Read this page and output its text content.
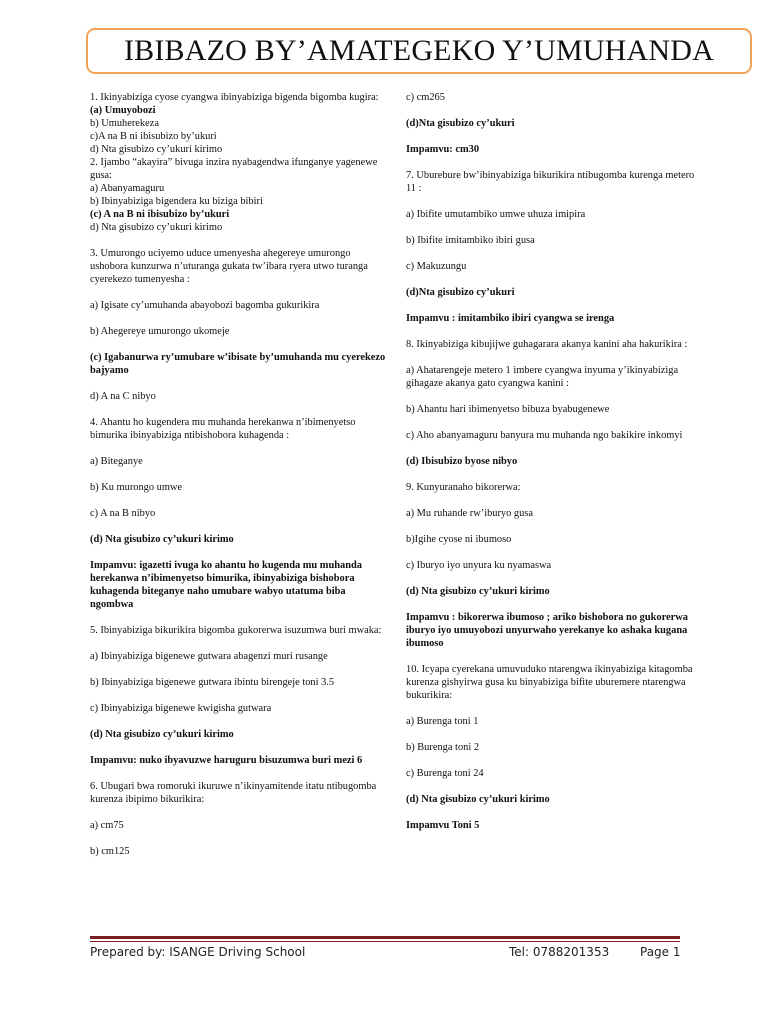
IBIBAZO BY’AMATEGEKO Y’UMUHANDA

1. Ikinyabiziga cyose cyangwa ibinyabiziga bigenda bigomba kugira:

(a) Umuyobozi

b) Umuherekeza

c)A na B ni ibisubizo by’ukuri

d) Nta gisubizo cy’ukuri kirimo

2. Ijambo “akayira” bivuga inzira nyabagendwa ifunganye yagenewe gusa:

a) Abanyamaguru

b) Ibinyabiziga bigendera ku biziga bibiri

(c) A na B ni ibisubizo by’ukuri

d) Nta gisubizo cy’ukuri kirimo

3. Umurongo uciyemo uduce umenyesha ahegereye umurongo ushobora kunzurwa n’uturanga gukata tw’ibara ryera utwo turanga cyerekezo tumenyesha :

a) Igisate cy’umuhanda abayobozi bagomba gukurikira

b) Ahegereye umurongo ukomeje

(c) Igabanurwa ry’umubare w’ibisate by’umuhanda mu cyerekezo bajyamo

d) A na C nibyo

4. Ahantu ho kugendera mu muhanda herekanwa n’ibimenyetso bimurika ibinyabiziga ntibishobora kuhagenda :

a) Biteganye

b) Ku murongo umwe

c) A na B nibyo

(d) Nta gisubizo cy’ukuri kirimo

Impamvu: igazetti ivuga ko ahantu ho kugenda mu muhanda herekanwa n’ibimenyetso bimurika, ibinyabiziga bishobora kuhagenda biteganye naho umubare wabyo utatuma biba ngombwa

5. Ibinyabiziga bikurikira bigomba gukorerwa isuzumwa buri mwaka:

a) Ibinyabiziga bigenewe gutwara abagenzi muri rusange

b) Ibinyabiziga bigenewe gutwara ibintu birengeje toni 3.5

c) Ibinyabiziga bigenewe kwigisha gutwara

(d) Nta gisubizo cy’ukuri kirimo

Impamvu: nuko ibyavuzwe haruguru bisuzumwa buri mezi 6

6. Ubugari bwa romoruki ikuruwe n’ikinyamitende itatu ntibugomba kurenza ibipimo bikurikira:

a) cm75

b) cm125

c) cm265

(d)Nta gisubizo cy’ukuri

Impamvu: cm30

7. Uburebure bw’ibinyabiziga bikurikira ntibugomba kurenga metero 11 :

a) Ibifite umutambiko umwe uhuza imipira

b) Ibifite imitambiko ibiri gusa

c) Makuzungu

(d)Nta gisubizo cy’ukuri

Impamvu : imitambiko ibiri cyangwa se irenga

8. Ikinyabiziga kibujijwe guhagarara akanya kanini aha hakurikira :

a) Ahatarengeje metero 1 imbere cyangwa inyuma y’ikinyabiziga gihagaze akanya gato cyangwa kanini :

b) Ahantu hari ibimenyetso bibuza byabugenewe

c) Aho abanyamaguru banyura mu muhanda ngo bakikire inkomyi

(d) Ibisubizo byose nibyo

9. Kunyuranaho bikorerwa:

a) Mu ruhande rw’iburyo gusa

b)Igihe cyose ni ibumoso

c) Iburyo iyo unyura ku nyamaswa

(d) Nta gisubizo cy’ukuri kirimo

Impamvu : bikorerwa ibumoso ; ariko bishobora no gukorerwa iburyo iyo umuyobozi unyurwaho yerekanye ko ashaka kugana ibumoso

10. Icyapa cyerekana umuvuduko ntarengwa ikinyabiziga kitagomba kurenza gishyirwa gusa ku binyabiziga bifite uburemere ntarengwa bukurikira:

a) Burenga toni 1

b) Burenga toni 2

c) Burenga toni 24

(d) Nta gisubizo cy’ukuri kirimo

Impamvu Toni 5

Prepared by: ISANGE Driving School	Tel: 0788201353	Page 1
